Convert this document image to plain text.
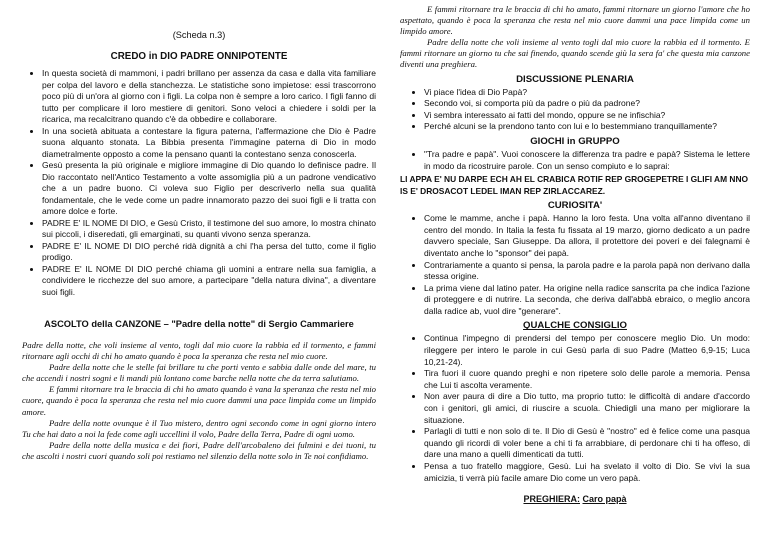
(Scheda n.3)
CREDO in DIO PADRE ONNIPOTENTE
• In questa società di mammoni, i padri brillano per assenza da casa e dalla vita familiare per colpa del lavoro e della stanchezza. Le statistiche sono impietose: essi trascorrono poco più di un'ora al giorno con i figli. La colpa non è sempre a loro carico. I figli fanno di tutto per complicare il loro mestiere di genitori. Sono veloci a chiedere i soldi per la ricarica, ma recalcitrano quando c'è da obbedire e collaborare.
• In una società abituata a contestare la figura paterna, l'affermazione che Dio è Padre suona alquanto stonata. La Bibbia presenta l'immagine paterna di Dio in modo diametralmente opposto a come la pensano quanti la contestano senza conoscerla.
• Gesù presenta la più originale e migliore immagine di Dio quando lo definisce padre. Il Dio raccontato nell'Antico Testamento a volte assomiglia più a un padrone vendicativo che a un padre buono. Ci voleva suo Figlio per descriverlo nella sua qualità fondamentale, che le vede come un padre innamorato pazzo dei suoi figli e li tratta con amore dolce e forte.
• PADRE E' IL NOME DI DIO, e Gesù Cristo, il testimone del suo amore, lo mostra chinato sui piccoli, i diseredati, gli emarginati, su quanti vivono senza speranza.
• PADRE E' IL NOME DI DIO perché ridà dignità a chi l'ha persa del tutto, come il figlio prodigo.
• PADRE E' IL NOME DI DIO perché chiama gli uomini a entrare nella sua famiglia, a condividere le ricchezze del suo amore, a partecipare "della natura divina", a diventare suoi figli.
ASCOLTO della CANZONE – "Padre della notte" di Sergio Cammariere

Padre della notte, che voli insieme al vento, togli dal mio cuore la rabbia ed il tormento, e fammi ritornare agli occhi di chi ho amato quando è poca la speranza che resta nel mio cuore.

Padre della notte che le stelle fai brillare tu che porti vento e sabbia dalle onde del mare, tu che accendi i nostri sogni e li mandi più lontano come barche nella notte che da terra salutiamo.

E fammi ritornare tra le braccia di chi ho amato quando è vana la speranza che resta nel mio cuore, quando è poca la speranza che resta nel mio cuore dammi una pace limpida come un limpido amore.

Padre della notte ovunque è il Tuo mistero, dentro ogni secondo come in ogni giorno intero Tu che hai dato a noi la fede come agli uccellini il volo, Padre della Terra, Padre di ogni uomo.

Padre della notte della musica e dei fiori, Padre dell'arcobaleno dei fulmini e dei tuoni, tu che ascolti i nostri cuori quando soli poi restiamo nel silenzio della notte solo in Te noi confidiamo.

E fammi ritornare tra le braccia di chi ho amato, fammi ritornare un giorno l'amore che ho aspettato, quando è poca la speranza che resta nel mio cuore dammi una pace limpida come un limpido amore.

Padre della notte che voli insieme al vento togli dal mio cuore la rabbia ed il tormento. E fammi ritornare un giorno tu che sai finendo, quando scende giù la sera fa' che questa mia canzone diventi una preghiera.

DISCUSSIONE PLENARIA
• Vi piace l'idea di Dio Papà?
• Secondo voi, si comporta più da padre o più da padrone?
• Vi sembra interessato ai fatti del mondo, oppure se ne infischia?
• Perché alcuni se la prendono tanto con lui e lo bestemmiano tranquillamente?
GIOCHI in GRUPPO
• "Tra padre e papà". Vuoi conoscere la differenza tra padre e papà? Sistema le lettere in modo da ricostruire parole. Con un senso compiuto e lo saprai:
LI APPA E' NU DARPE ECH AH EL CRABICA ROTIF REP GROGEPETRE I GLIFI AM NNO IS E' DROSACOT LEDEL IMAN REP ZIRLACCAREZ.
CURIOSITA'
• Come le mamme, anche i papà. Hanno la loro festa. Una volta all'anno diventano il centro del mondo. In Italia la festa fu fissata al 19 marzo, giorno dedicato a un padre davvero speciale, San Giuseppe. Da allora, il protettore dei poveri e dei falegnami è diventato anche lo "sponsor" dei papà.
• Contrariamente a quanto si pensa, la parola padre e la parola papà non derivano dalla stessa origine.
• La prima viene dal latino pater. Ha origine nella radice sanscrita pa che indica l'azione di proteggere e di nutrire. La seconda, che deriva dall'abbà ebraico, o meglio ancora dalla radice ab, vuol dire "generare".
QUALCHE CONSIGLIO
• Continua l'impegno di prendersi del tempo per conoscere meglio Dio. Un modo: rileggere per intero le parole in cui Gesù parla di suo Padre (Matteo 6,9-15; Luca 10,21-24).
• Tira fuori il cuore quando preghi e non ripetere solo delle parole a memoria. Pensa che Lui ti ascolta veramente.
• Non aver paura di dire a Dio tutto, ma proprio tutto: le difficoltà di andare d'accordo con i genitori, gli amici, di riuscire a scuola. Chiedigli una mano per migliorare la situazione.
• Parlagli di tutti e non solo di te. Il Dio di Gesù è "nostro" ed è felice come una pasqua quando gli ricordi di voler bene a chi ti fa arrabbiare, di perdonare chi ti ha offeso, di dare una mano a quelli dimenticati da tutti.
• Pensa a tuo fratello maggiore, Gesù. Lui ha svelato il volto di Dio. Se vivi la sua amicizia, ti verrà più facile amare Dio come un vero papà.
PREGHIERA: Caro papà
